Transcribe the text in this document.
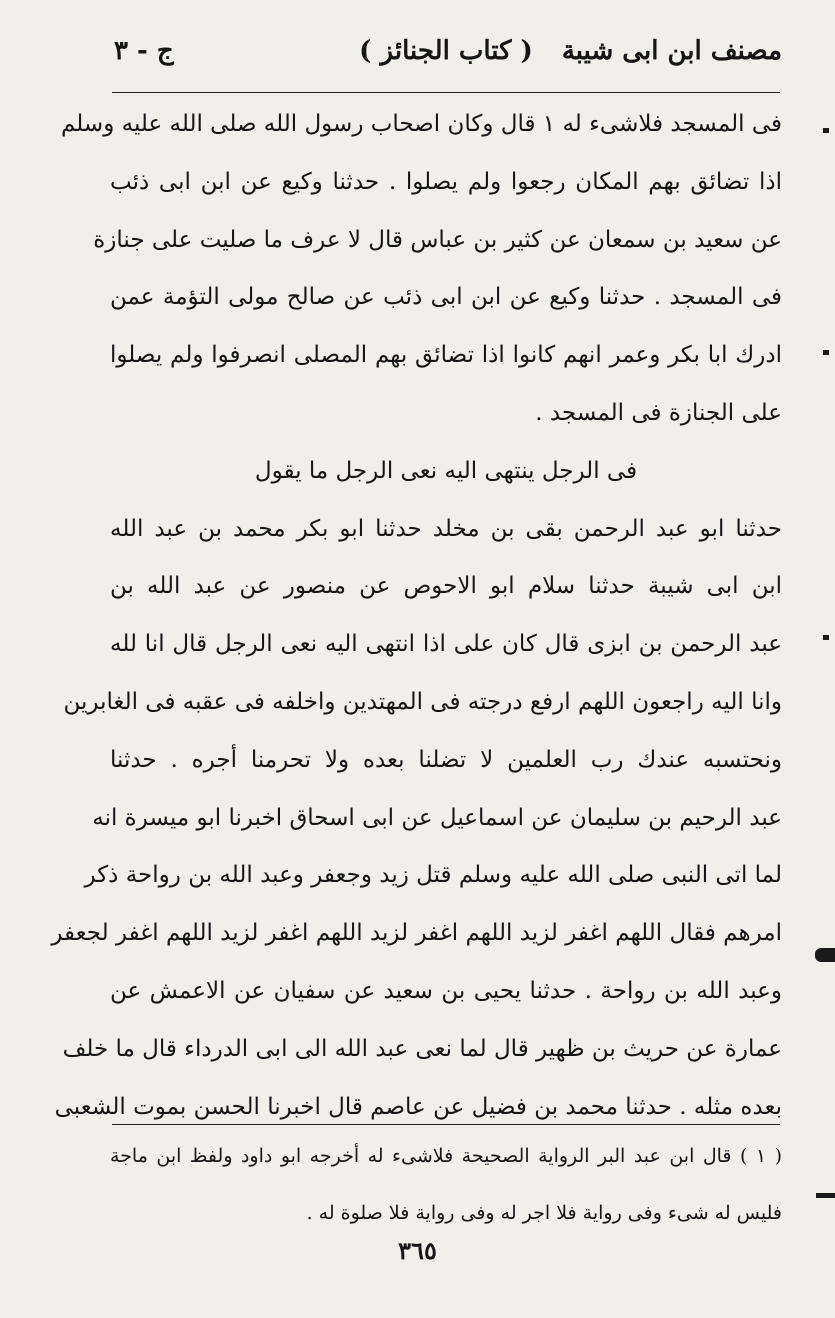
مصنف ابن ابى شيبة
( كتاب الجنائز )
ج - ٣
فى المسجد فلاشىء له ١ قال وكان اصحاب رسول الله صلى الله عليه وسلم
اذا تضائق بهم المكان رجعوا ولم يصلوا . حدثنا وكيع عن ابن ابى ذئب
عن سعيد بن سمعان عن كثير بن عباس قال لا عرف ما صليت على جنازة
فى المسجد . حدثنا وكيع عن ابن ابى ذئب عن صالح مولى التؤمة عمن
ادرك ابا بكر وعمر انهم كانوا اذا تضائق بهم المصلى انصرفوا ولم يصلوا
على الجنازة فى المسجد .
فى الرجل ينتهى اليه نعى الرجل ما يقول
حدثنا ابو عبد الرحمن بقى بن مخلد حدثنا ابو بكر محمد بن عبد الله
ابن ابى شيبة حدثنا سلام ابو الاحوص عن منصور عن عبد الله بن
عبد الرحمن بن ابزى قال كان على اذا انتهى اليه نعى الرجل قال انا لله
وانا اليه راجعون اللهم ارفع درجته فى المهتدين واخلفه فى عقبه فى الغابرين
ونحتسبه عندك رب العلمين لا تضلنا بعده ولا تحرمنا أجره . حدثنا
عبد الرحيم بن سليمان عن اسماعيل عن ابى اسحاق اخبرنا ابو ميسرة انه
لما اتى النبى صلى الله عليه وسلم قتل زيد وجعفر وعبد الله بن رواحة ذكر
امرهم فقال اللهم اغفر لزيد اللهم اغفر لزيد اللهم اغفر لزيد اللهم اغفر لجعفر
وعبد الله بن رواحة . حدثنا يحيى بن سعيد عن سفيان عن الاعمش عن
عمارة عن حريث بن ظهير قال لما نعى عبد الله الى ابى الدرداء قال ما خلف
بعده مثله . حدثنا محمد بن فضيل عن عاصم قال اخبرنا الحسن بموت الشعبى
( ١ ) قال ابن عبد البر الرواية الصحيحة فلاشىء له أخرجه ابو داود ولفظ ابن ماجة
فليس له شىء وفى رواية فلا اجر له وفى رواية فلا صلوة له .
٣٦٥
